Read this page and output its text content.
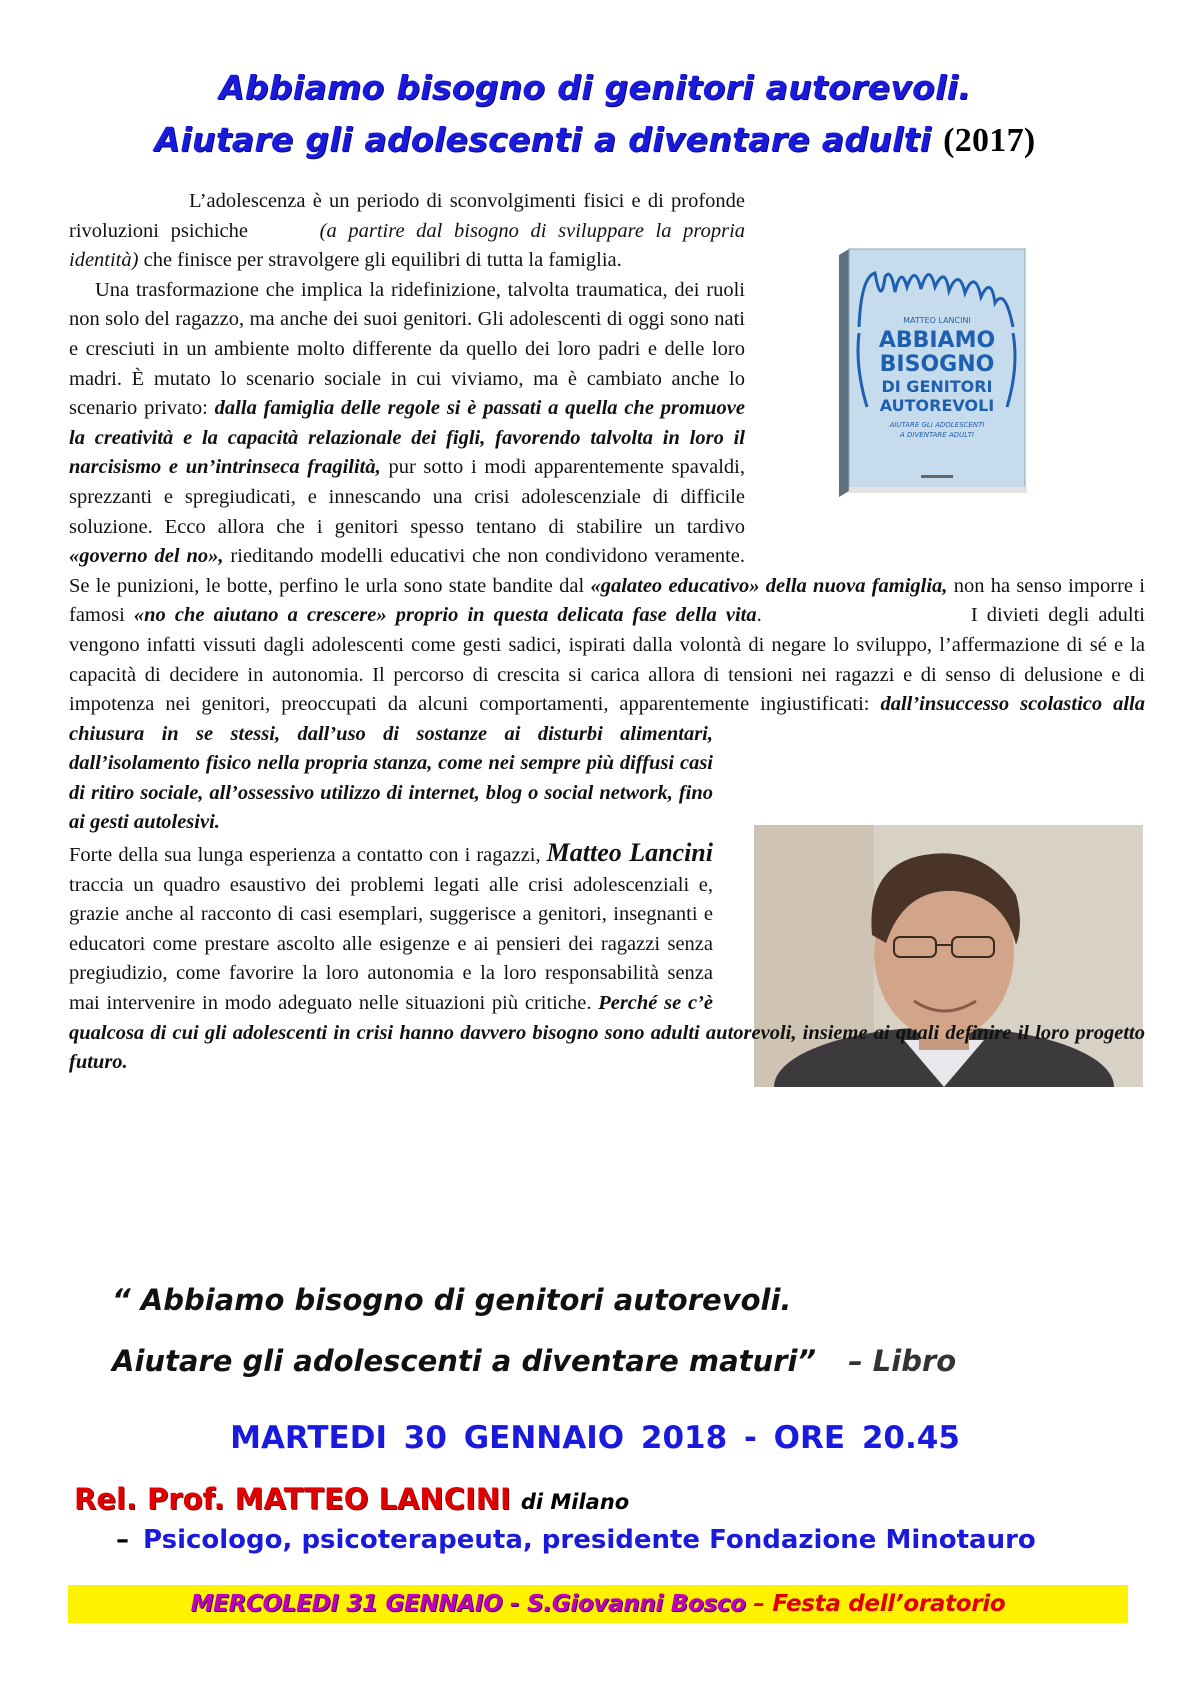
Abbiamo bisogno di genitori autorevoli.
Aiutare gli adolescenti a diventare adulti (2017)
MATTEO LANCINI
ABBIAMO
BISOGNO
DI GENITORI
AUTOREVOLI
AIUTARE GLI ADOLESCENTI
A DIVENTARE ADULTI

L’adolescenza è un periodo di sconvolgimenti fisici e di profonde rivoluzioni psichiche	(a partire dal bisogno di sviluppare la propria identità) che finisce per stravolgere gli equilibri di tutta la famiglia.

Una trasformazione che implica la ridefinizione, talvolta traumatica, dei ruoli non solo del ragazzo, ma anche dei suoi genitori. Gli adolescenti di oggi sono nati e cresciuti in un ambiente molto differente da quello dei loro padri e delle loro madri. È mutato lo scenario sociale in cui viviamo, ma è cambiato anche lo scenario privato: dalla famiglia delle regole si è passati a quella che promuove la creatività e la capacità relazionale dei figli, favorendo talvolta in loro il narcisismo e un’intrinseca fragilità, pur sotto i modi apparentemente spavaldi, sprezzanti e spregiudicati, e innescando una crisi adolescenziale di difficile soluzione. Ecco allora che i genitori spesso tentano di stabilire un tardivo «governo del no», rieditando modelli educativi che non condividono veramente. Se le punizioni, le botte, perfino le urla sono state bandite dal «galateo educativo» della nuova famiglia, non ha senso imporre i famosi «no che aiutano a crescere» proprio in questa delicata fase della vita.	I divieti degli adulti vengono infatti vissuti dagli adolescenti come gesti sadici, ispirati dalla volontà di negare lo sviluppo, l’affermazione di sé e la capacità di decidere in autonomia. Il percorso di crescita si carica allora di tensioni nei ragazzi e di senso di delusione e di impotenza nei genitori, preoccupati da alcuni comportamenti, apparentemente ingiustificati: dall’insuccesso scolastico alla chiusura in se stessi, dall’uso di sostanze ai disturbi alimentari, dall’isolamento fisico nella propria stanza, come nei sempre più diffusi casi di ritiro sociale, all’ossessivo utilizzo di internet, blog o social network, fino ai gesti autolesivi.

Forte della sua lunga esperienza a contatto con i ragazzi, Matteo Lancini traccia un quadro esaustivo dei problemi legati alle crisi adolescenziali e, grazie anche al racconto di casi esemplari, suggerisce a genitori, insegnanti e educatori come prestare ascolto alle esigenze e ai pensieri dei ragazzi senza pregiudizio, come favorire la loro autonomia e la loro responsabilità senza mai intervenire in modo adeguato nelle situazioni più critiche. Perché se c’è qualcosa di cui gli adolescenti in crisi hanno davvero bisogno sono adulti autorevoli, insieme ai quali definire il loro progetto futuro.

“ Abbiamo bisogno di genitori autorevoli.
Aiutare gli adolescenti a diventare maturi” – Libro
MARTEDI 30 GENNAIO 2018 - ORE 20.45
Rel. Prof. MATTEO LANCINI di Milano
– Psicologo, psicoterapeuta, presidente Fondazione Minotauro
MERCOLEDI 31 GENNAIO - S.Giovanni Bosco – Festa dell’oratorio
